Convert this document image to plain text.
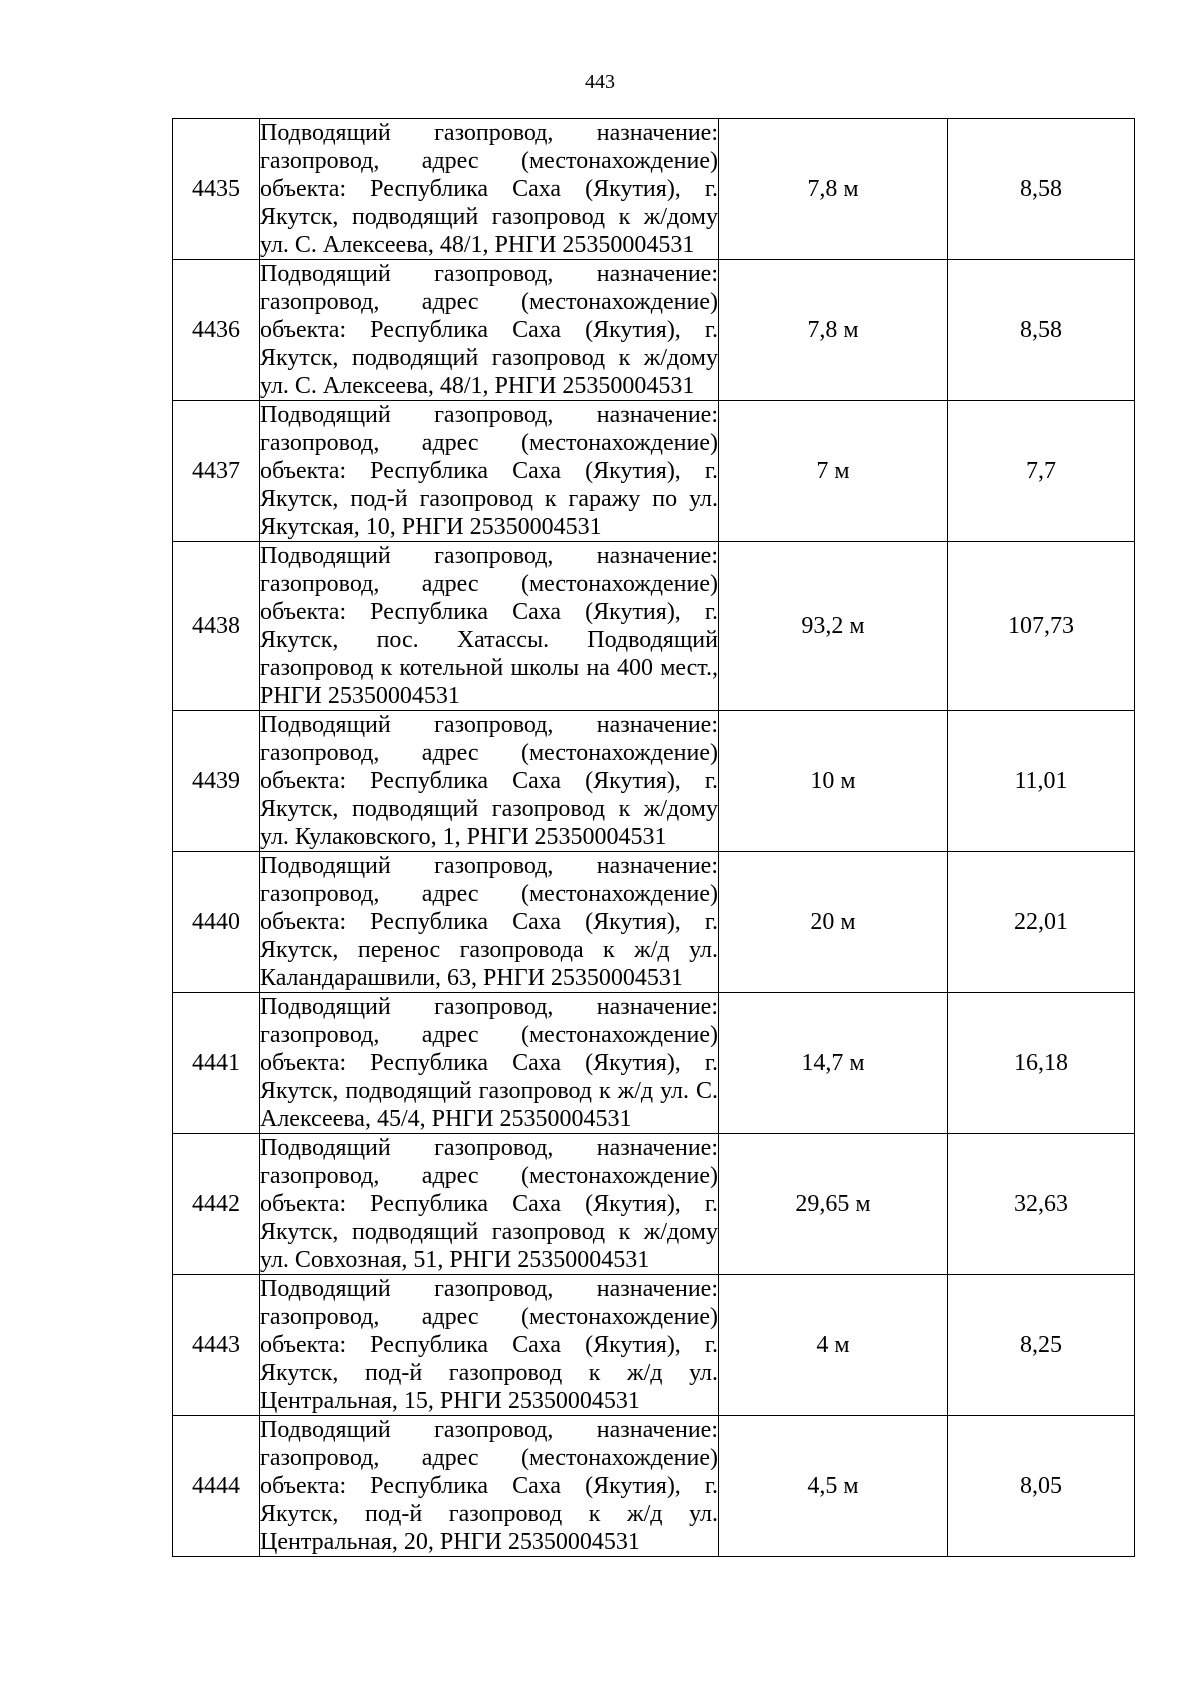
443
4435	Подводящий газопровод, назначение: газопровод, адрес (местонахождение) объекта: Республика Саха (Якутия), г. Якутск, подводящий газопровод к ж/дому ул. С. Алексеева, 48/1, РНГИ 25350004531	7,8 м	8,58
4436	Подводящий газопровод, назначение: газопровод, адрес (местонахождение) объекта: Республика Саха (Якутия), г. Якутск, подводящий газопровод к ж/дому ул. С. Алексеева, 48/1, РНГИ 25350004531	7,8 м	8,58
4437	Подводящий газопровод, назначение: газопровод, адрес (местонахождение) объекта: Республика Саха (Якутия), г. Якутск, под-й газопровод к гаражу по ул. Якутская, 10, РНГИ 25350004531	7 м	7,7
4438	Подводящий газопровод, назначение: газопровод, адрес (местонахождение) объекта: Республика Саха (Якутия), г. Якутск, пос. Хатассы. Подводящий газопровод к котельной школы на 400 мест., РНГИ 25350004531	93,2 м	107,73
4439	Подводящий газопровод, назначение: газопровод, адрес (местонахождение) объекта: Республика Саха (Якутия), г. Якутск, подводящий газопровод к ж/дому ул. Кулаковского, 1, РНГИ 25350004531	10 м	11,01
4440	Подводящий газопровод, назначение: газопровод, адрес (местонахождение) объекта: Республика Саха (Якутия), г. Якутск, перенос газопровода к ж/д ул. Каландарашвили, 63, РНГИ 25350004531	20 м	22,01
4441	Подводящий газопровод, назначение: газопровод, адрес (местонахождение) объекта: Республика Саха (Якутия), г. Якутск, подводящий газопровод к ж/д ул. С. Алексеева, 45/4, РНГИ 25350004531	14,7 м	16,18
4442	Подводящий газопровод, назначение: газопровод, адрес (местонахождение) объекта: Республика Саха (Якутия), г. Якутск, подводящий газопровод к ж/дому ул. Совхозная, 51, РНГИ 25350004531	29,65 м	32,63
4443	Подводящий газопровод, назначение: газопровод, адрес (местонахождение) объекта: Республика Саха (Якутия), г. Якутск, под-й газопровод к ж/д ул. Центральная, 15, РНГИ 25350004531	4 м	8,25
4444	Подводящий газопровод, назначение: газопровод, адрес (местонахождение) объекта: Республика Саха (Якутия), г. Якутск, под-й газопровод к ж/д ул. Центральная, 20, РНГИ 25350004531	4,5 м	8,05
